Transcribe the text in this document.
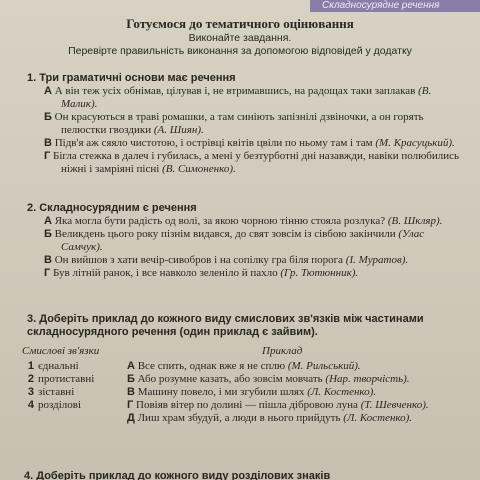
Складносурядне речення
Готуємося до тематичного оцінювання
Виконайте завдання.
Перевірте правильність виконання за допомогою відповідей у додатку
1. Три граматичні основи має речення
А А він теж усіх обнімав, цілував і, не втримавшись, на радощах таки заплакав (В. Малик).
Б Он красуються в траві ромашки, а там синіють запізнілі дзвіночки, а он горять пелюстки гвоздики (А. Шиян).
В Підв'я аж сяяло чистотою, і острівці квітів цвіли по ньому там і там (М. Красуцький).
Г Бігла стежка в далеч і губилась, а мені у безтурботні дні назавжди, навіки полюбились ніжні і замріяні пісні (В. Симоненко).
2. Складносурядним є речення
А Яка могла бути радість од волі, за якою чорною тінню стояла розлука? (В. Шкляр).
Б Великдень цього року пізнім видався, до свят зовсім із сівбою закінчили (Улас Самчук).
В Он вийшов з хати вечір-сивобров і на сопілку гра біля порога (І. Муратов).
Г Був літній ранок, і все навколо зеленіло й пахло (Гр. Тютюнник).
3. Доберіть приклад до кожного виду смислових зв'язків між частинами складносурядного речення (один приклад є зайвим).
Смислові зв'язки	Приклад
1 єднальні
2 протиставні
3 зіставні
4 розділові
А Все спить, однак вже я не сплю (М. Рильський).
Б Або розумне казать, або зовсім мовчать (Нар. творчість).
В Машину повело, і ми згубили шлях (Л. Костенко).
Г Повіяв вітер по долині — пішла дібровою луна (Т. Шевченко).
Д Лиш храм збудуй, а люди в нього прийдуть (Л. Костенко).
4. Доберіть приклад до кожного виду розділових знаків
